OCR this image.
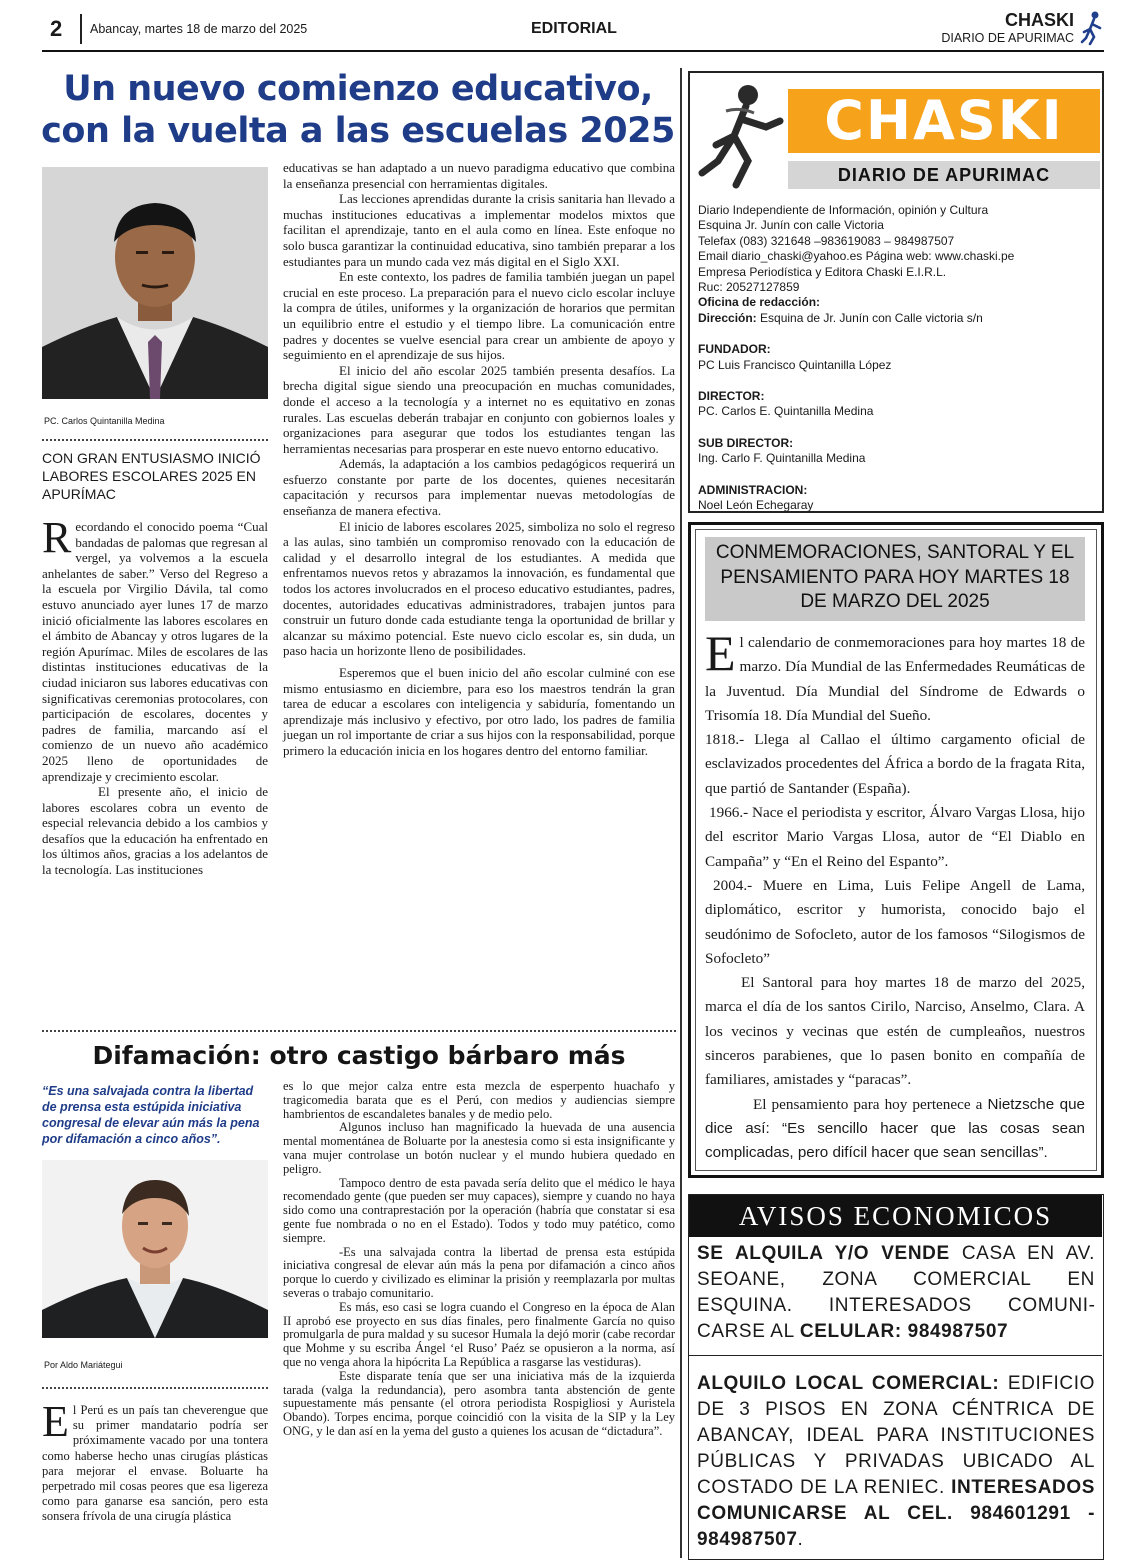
2 Abancay, martes 18 de marzo del 2025	EDITORIAL	CHASKI
DIARIO DE APURIMAC
Un nuevo comienzo educativo,
con la vuelta a las escuelas 2025
PC. Carlos Quintanilla Medina
CON GRAN ENTUSIASMO INICIÓ LABORES ESCOLARES 2025 EN APURÍMAC

Recordando el conocido poema “Cual bandadas de palomas que regresan al vergel, ya volvemos a la escuela anhelantes de saber.” Verso del Regreso a la escuela por Virgilio Dávila, tal como estuvo anunciado ayer lunes 17 de marzo inició oficialmente las labores escolares en el ámbito de Abancay y otros lugares de la región Apurímac. Miles de escolares de las distintas instituciones educativas de la ciudad iniciaron sus labores educativas con significativas ceremonias protocolares, con participación de escolares, docentes y padres de familia, marcando así el comienzo de un nuevo año académico 2025 lleno de oportunidades de aprendizaje y crecimiento escolar.

El presente año, el inicio de labores escolares cobra un evento de especial relevancia debido a los cambios y desafíos que la educación ha enfrentado en los últimos años, gracias a los adelantos de la tecnología. Las instituciones

educativas se han adaptado a un nuevo paradigma educativo que combina la enseñanza presencial con herramientas digitales.

Las lecciones aprendidas durante la crisis sanitaria han llevado a muchas instituciones educativas a implementar modelos mixtos que facilitan el aprendizaje, tanto en el aula como en línea. Este enfoque no solo busca garantizar la continuidad educativa, sino también preparar a los estudiantes para un mundo cada vez más digital en el Siglo XXI.

En este contexto, los padres de familia también juegan un papel crucial en este proceso. La preparación para el nuevo ciclo escolar incluye la compra de útiles, uniformes y la organización de horarios que permitan un equilibrio entre el estudio y el tiempo libre. La comunicación entre padres y docentes se vuelve esencial para crear un ambiente de apoyo y seguimiento en el aprendizaje de sus hijos.

El inicio del año escolar 2025 también presenta desafíos. La brecha digital sigue siendo una preocupación en muchas comunidades, donde el acceso a la tecnología y a internet no es equitativo en zonas rurales. Las escuelas deberán trabajar en conjunto con gobiernos loales y organizaciones para asegurar que todos los estudiantes tengan las herramientas necesarias para prosperar en este nuevo entorno educativo.

Además, la adaptación a los cambios pedagógicos requerirá un esfuerzo constante por parte de los docentes, quienes necesitarán capacitación y recursos para implementar nuevas metodologías de enseñanza de manera efectiva.

El inicio de labores escolares 2025, simboliza no solo el regreso a las aulas, sino también un compromiso renovado con la educación de calidad y el desarrollo integral de los estudiantes. A medida que enfrentamos nuevos retos y abrazamos la innovación, es fundamental que todos los actores involucrados en el proceso educativo estudiantes, padres, docentes, autoridades educativas administradores, trabajen juntos para construir un futuro donde cada estudiante tenga la oportunidad de brillar y alcanzar su máximo potencial. Este nuevo ciclo escolar es, sin duda, un paso hacia un horizonte lleno de posibilidades.

Esperemos que el buen inicio del año escolar culminé con ese mismo entusiasmo en diciembre, para eso los maestros tendrán la gran tarea de educar a escolares con inteligencia y sabiduría, fomentando un aprendizaje más inclusivo y efectivo, por otro lado, los padres de familia juegan un rol importante de criar a sus hijos con la responsabilidad, porque primero la educación inicia en los hogares dentro del entorno familiar.

Difamación: otro castigo bárbaro más
“Es una salvajada contra la libertad de prensa esta estúpida iniciativa congresal de elevar aún más la pena por difamación a cinco años”.
Por Aldo Mariátegui

El Perú es un país tan cheverengue que su primer mandatario podría ser próximamente vacado por una tontera como haberse hecho unas cirugías plásticas para mejorar el envase. Boluarte ha perpetrado mil cosas peores que esa ligereza como para ganarse esa sanción, pero esta sonsera frívola de una cirugía plástica

es lo que mejor calza entre esta mezcla de esperpento huachafo y tragicomedia barata que es el Perú, con medios y audiencias siempre hambrientos de escandaletes banales y de medio pelo.

Algunos incluso han magnificado la huevada de una ausencia mental momentánea de Boluarte por la anestesia como si esta insignificante y vana mujer controlase un botón nuclear y el mundo hubiera quedado en peligro.

Tampoco dentro de esta pavada sería delito que el médico le haya recomendado gente (que pueden ser muy capaces), siempre y cuando no haya sido como una contraprestación por la operación (habría que constatar si esa gente fue nombrada o no en el Estado). Todos y todo muy patético, como siempre.

-Es una salvajada contra la libertad de prensa esta estúpida iniciativa congresal de elevar aún más la pena por difamación a cinco años porque lo cuerdo y civilizado es eliminar la prisión y reemplazarla por multas severas o trabajo comunitario.

Es más, eso casi se logra cuando el Congreso en la época de Alan II aprobó ese proyecto en sus días finales, pero finalmente García no quiso promulgarla de pura maldad y su sucesor Humala la dejó morir (cabe recordar que Mohme y su escriba Ángel ‘el Ruso’ Paéz se opusieron a la norma, así que no venga ahora la hipócrita La República a rasgarse las vestiduras).

Este disparate tenía que ser una iniciativa más de la izquierda tarada (valga la redundancia), pero asombra tanta abstención de gente supuestamente más pensante (el otrora periodista Rospigliosi y Auristela Obando). Torpes encima, porque coincidió con la visita de la SIP y la Ley ONG, y le dan así en la yema del gusto a quienes los acusan de “dictadura”.

CHASKI
DIARIO DE APURIMAC
Diario Independiente de Información, opinión y Cultura
Esquina Jr. Junín con calle Victoria
Telefax (083) 321648 –983619083 – 984987507
Email diario_chaski@yahoo.es Página web: www.chaski.pe
Empresa Periodística y Editora Chaski E.I.R.L.
Ruc: 20527127859
Oficina de redacción:
Dirección: Esquina de Jr. Junín con Calle victoria s/n
FUNDADOR:
PC Luis Francisco Quintanilla López
DIRECTOR:
PC. Carlos E. Quintanilla Medina
SUB DIRECTOR:
Ing. Carlo F. Quintanilla Medina
ADMINISTRACION:
Noel León Echegaray
CONMEMORACIONES, SANTORAL Y EL PENSAMIENTO PARA HOY MARTES 18 DE MARZO DEL 2025

El calendario de conmemoraciones para hoy martes 18 de marzo. Día Mundial de las Enfermedades Reumáticas de la Juventud. Día Mundial del Síndrome de Edwards o Trisomía 18. Día Mundial del Sueño.

1818.- Llega al Callao el último cargamento oficial de esclavizados procedentes del África a bordo de la fragata Rita, que partió de Santander (España).

1966.- Nace el periodista y escritor, Álvaro Vargas Llosa, hijo del escritor Mario Vargas Llosa, autor de “El Diablo en Campaña” y “En el Reino del Espanto”.

2004.- Muere en Lima, Luis Felipe Angell de Lama, diplomático, escritor y humorista, conocido bajo el seudónimo de Sofocleto, autor de los famosos “Silogismos de Sofocleto”

El Santoral para hoy martes 18 de marzo del 2025, marca el día de los santos Cirilo, Narciso, Anselmo, Clara. A los vecinos y vecinas que estén de cumpleaños, nuestros sinceros parabienes, que lo pasen bonito en compañía de familiares, amistades y “paracas”.

El pensamiento para hoy pertenece a Nietzsche que dice así: “Es sencillo hacer que las cosas sean complicadas, pero difícil hacer que sean sencillas”.

AVISOS ECONOMICOS
SE ALQUILA Y/O VENDE CASA EN AV. SEOANE, ZONA COMERCIAL EN ESQUINA. INTERESADOS COMUNICARSE AL CELULAR: 984987507
ALQUILO LOCAL COMERCIAL: EDIFICIO DE 3 PISOS EN ZONA CÉNTRICA DE ABANCAY, IDEAL PARA INSTITUCIONES PÚBLICAS Y PRIVADAS UBICADO AL COSTADO DE LA RENIEC. INTERESADOS COMUNICARSE AL CEL. 984601291 - 984987507.
